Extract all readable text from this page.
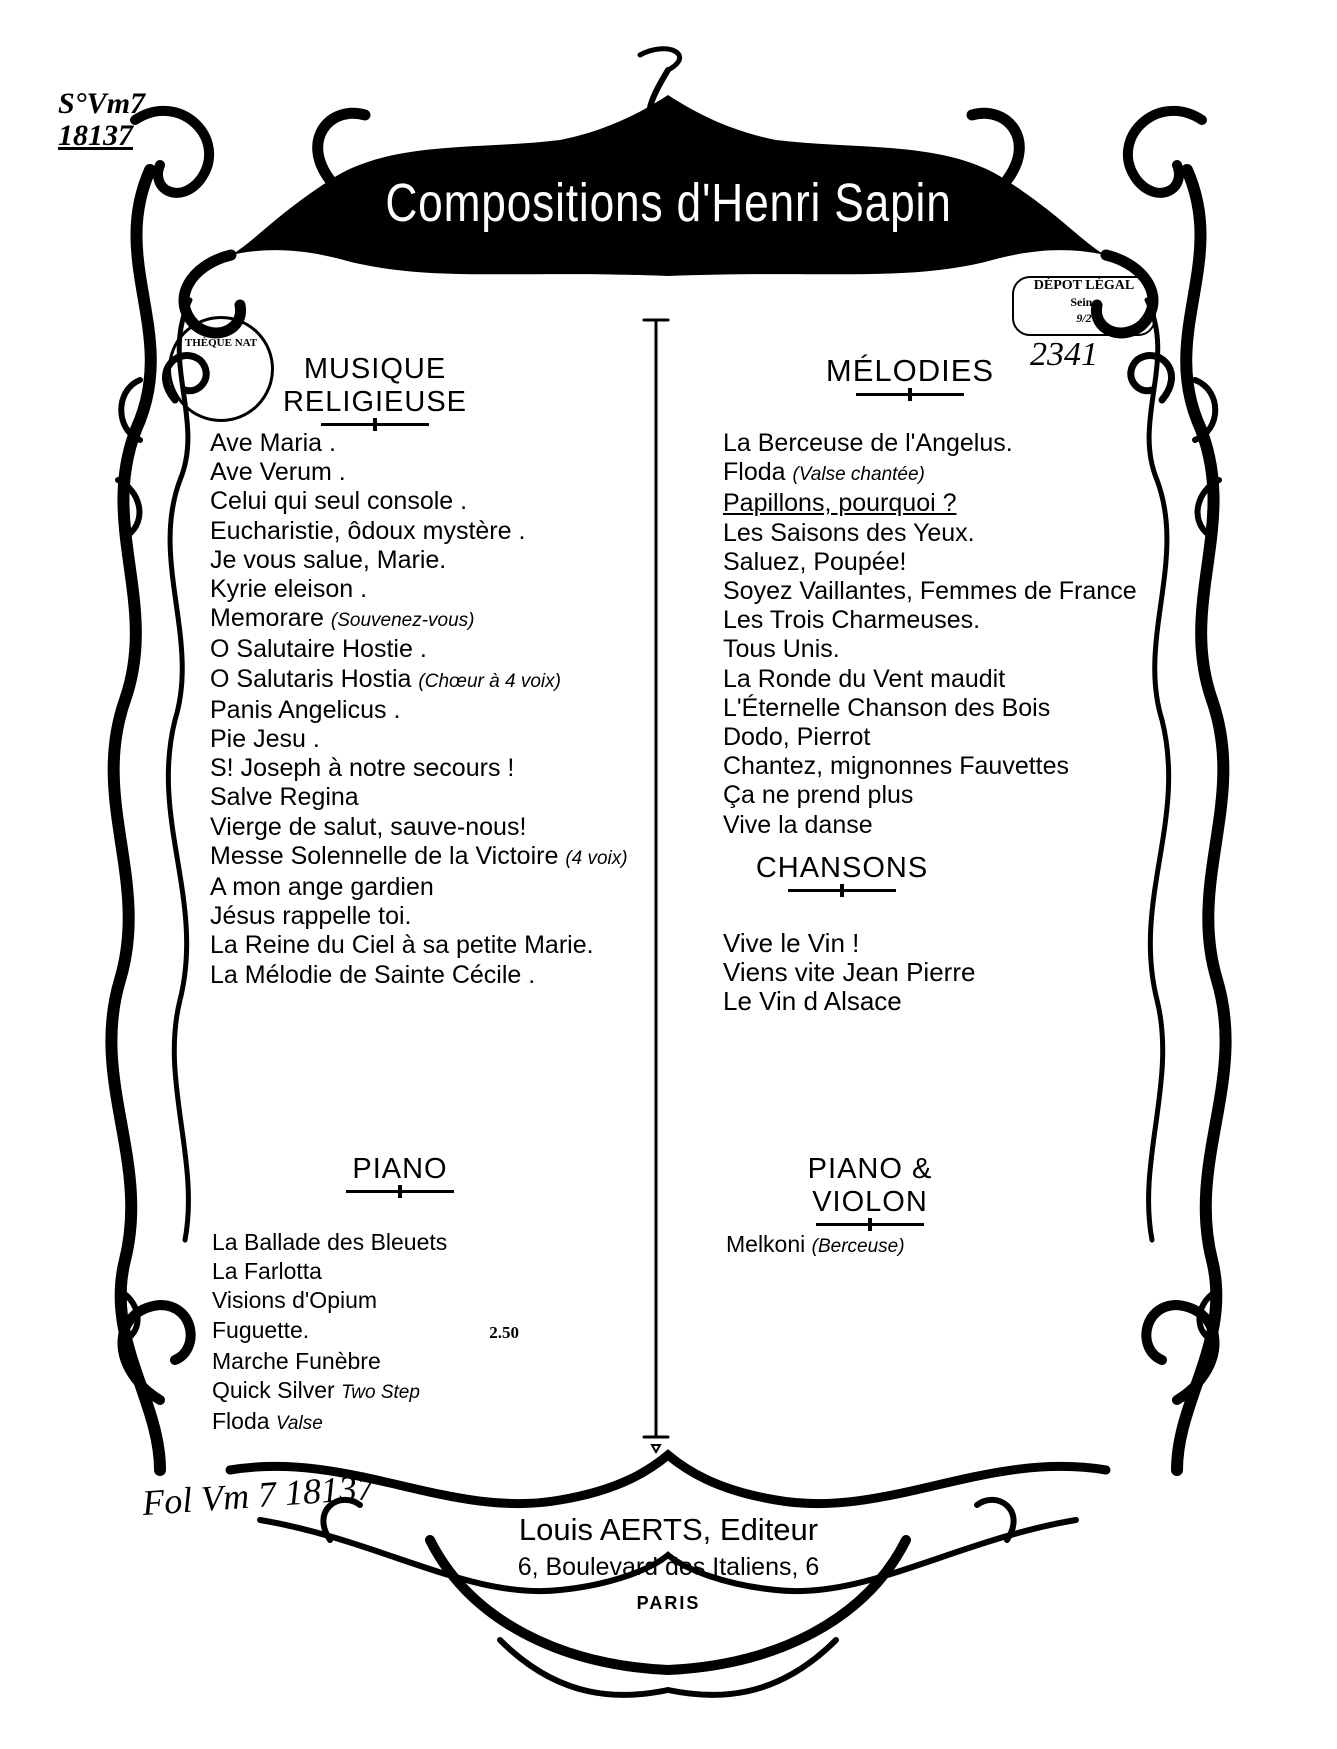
Compositions d'Henri Sapin
S°Vm7
18137
DÉPOT LÉGAL
Seine
9/2
2341
THÈQUE NAT
MUSIQUE RELIGIEUSE
Ave Maria .
Ave Verum .
Celui qui seul console .
Eucharistie, ôdoux mystère .
Je vous salue, Marie.
Kyrie eleison .
Memorare (Souvenez-vous)
O Salutaire Hostie .
O Salutaris Hostia (Chœur à 4 voix)
Panis Angelicus .
Pie Jesu .
S! Joseph à notre secours !
Salve Regina
Vierge de salut, sauve-nous!
Messe Solennelle de la Victoire (4 voix)
A mon ange gardien
Jésus rappelle toi.
La Reine du Ciel à sa petite Marie.
La Mélodie de Sainte Cécile .
MÉLODIES
La Berceuse de l'Angelus.
Floda (Valse chantée)
Papillons, pourquoi ?
Les Saisons des Yeux.
Saluez, Poupée!
Soyez Vaillantes, Femmes de France
Les Trois Charmeuses.
Tous Unis.
La Ronde du Vent maudit
L'Éternelle Chanson des Bois
Dodo, Pierrot
Chantez, mignonnes Fauvettes
Ça ne prend plus
Vive la danse
CHANSONS
Vive le Vin !
Viens vite Jean Pierre
Le Vin d Alsace
PIANO
La Ballade des Bleuets
La Farlotta
Visions d'Opium
Fuguette.	2.50
Marche Funèbre
Quick Silver Two Step
Floda Valse
PIANO & VIOLON
Melkoni (Berceuse)
Fol Vm 7 18137
Louis AERTS, Editeur
6, Boulevard des Italiens, 6
PARIS
